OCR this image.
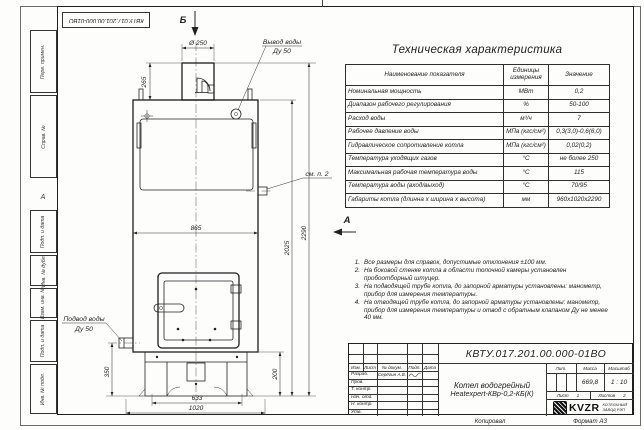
Перв. примен.
Справ. №
А
Подп. и дата
Инв. № дубл.
Взам. инв. №
Подп. и дата
Инв. № подл.
КВТУ.017.201.00.000-01ВО	Б
Ø 250
265
Вывод воды
Ду 50
см. п. 2
А
865
Подвод воды
Ду 50
2025
2290
200
350
633
1020
Техническая характеристика
Наименование показателя	Единицы измерения	Значение
Номинальная мощность	МВт	0,2
Диапазон рабочего регулирования	%	50-100
Расход воды	м³/ч	7
Рабочее давление воды	МПа (кгс/см²)	0,3(3,0)-0,6(6,0)
Гидравлическое сопротивление котла	МПа (кгс/см²)	0,02(0,2)
Температура уходящих газов	°С	не более 250
Максимальная рабочая температура воды	°С	115
Температура воды (вход/выход)	°С	70/95
Габариты котла (длинна х ширина х высота)	мм	960х1020х2290
1. Все размеры для справок, допустимые отклонения ±100 мм.
2. На боковой стенке котла в области топочной камеры установлен пробоотборный штуцер.
3. На подводящей трубе котла, до запорной арматуры установлены: манометр, прибор для измерения температуры.
4. На отводящей трубе котла, до запорной арматуры установлены: манометр, прибор для измерения температуры и отвод с обратным клапаном Ду не менее 40 мм.
КВТУ.017.201.00.000-01ВО
Котел водогрейный
Heatexpert-КВр-0,2-КБ(К)
Изм. Лист	№ докум.	Подп. Дата
Разраб.	Серёгин А.В.
Пров.
Т. контр.
Нач. отд.
Н. контр.
Утв.
Лит.	Масса	Масштаб
669,8	1 : 10
Лист 1	Листов 2
KVZR КОТЕЛЬНЫЙ
ЗАВОД РЭП
Копировал	Формат А3
